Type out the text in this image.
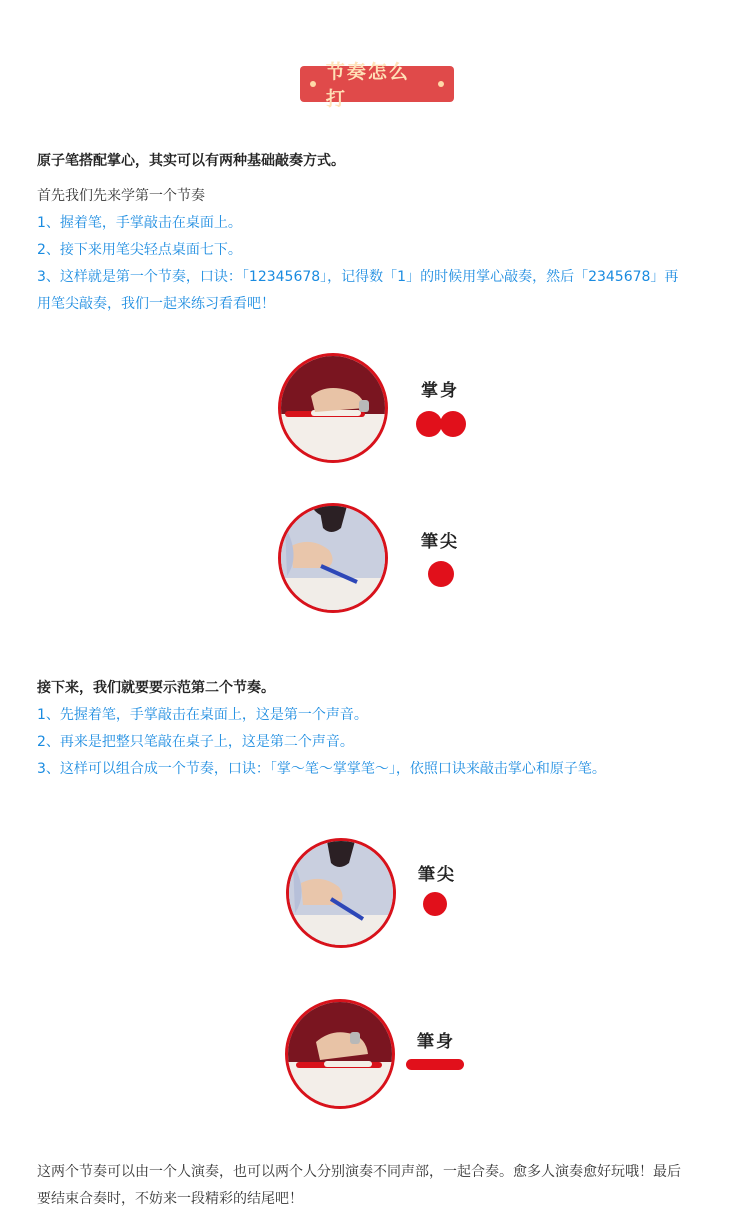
节奏怎么打
原子笔搭配掌心，其实可以有两种基础敲奏方式。
首先我们先来学第一个节奏
1、握着笔，手掌敲击在桌面上。
2、接下来用笔尖轻点桌面七下。
3、这样就是第一个节奏，口诀：「12345678」，记得数「1」的时候用掌心敲奏，然后「2345678」再
用笔尖敲奏，我们一起来练习看看吧！
掌身
筆尖
接下来，我们就要要示范第二个节奏。
1、先握着笔，手掌敲击在桌面上，这是第一个声音。
2、再来是把整只笔敲在桌子上，这是第二个声音。
3、这样可以组合成一个节奏，口诀：「掌～笔～掌掌笔～」，依照口诀来敲击掌心和原子笔。
筆尖
筆身
这两个节奏可以由一个人演奏，也可以两个人分别演奏不同声部，一起合奏。愈多人演奏愈好玩哦！最后
要结束合奏时，不妨来一段精彩的结尾吧！
